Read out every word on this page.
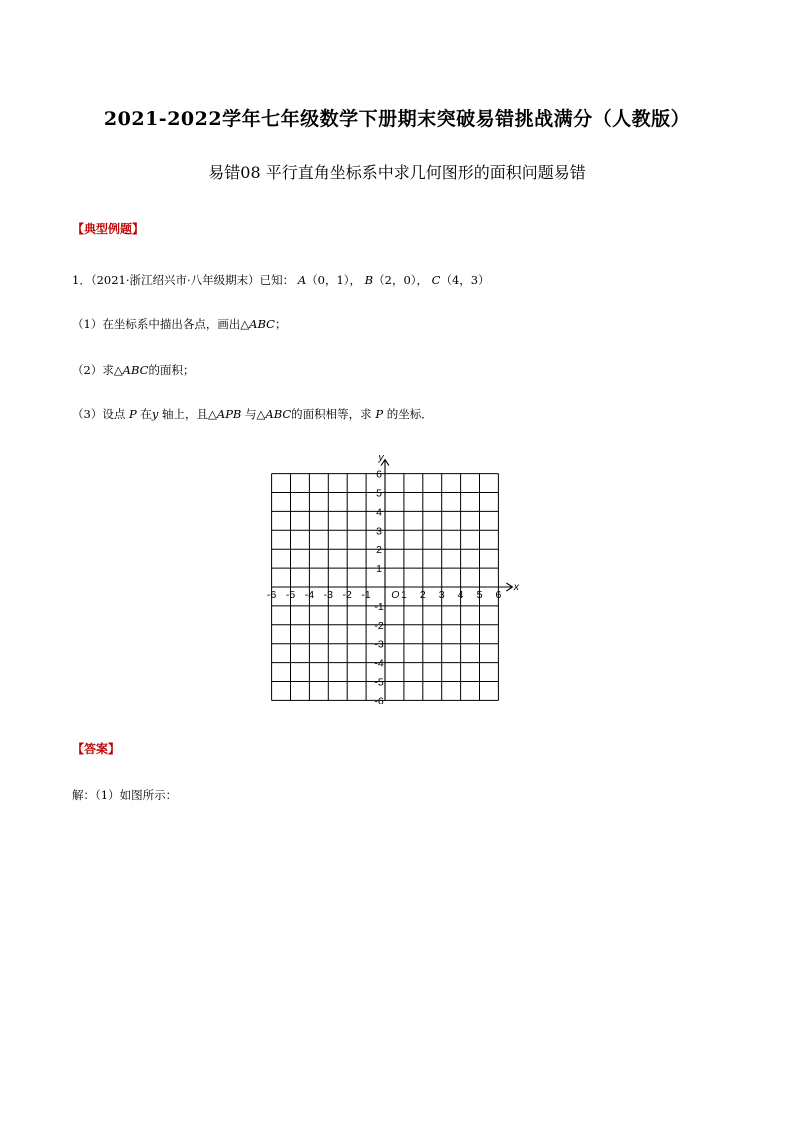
2021-2022学年七年级数学下册期末突破易错挑战满分（人教版）
易错08 平行直角坐标系中求几何图形的面积问题易错
【典型例题】
1．（2021·浙江绍兴市·八年级期末）已知： A（0，1）， B（2，0）， C（4，3）
（1）在坐标系中描出各点，画出△ABC；
（2）求△ABC的面积；
（3）设点 P 在y 轴上，且△APB 与△ABC的面积相等，求 P 的坐标．
-6 -5 -4 -3 -2 -1	1 2 3 4 5 6
6
5
4
3
2
1
-1
-2
-3
-4
-5
-6
O
x
y
【答案】
解：（1）如图所示：
